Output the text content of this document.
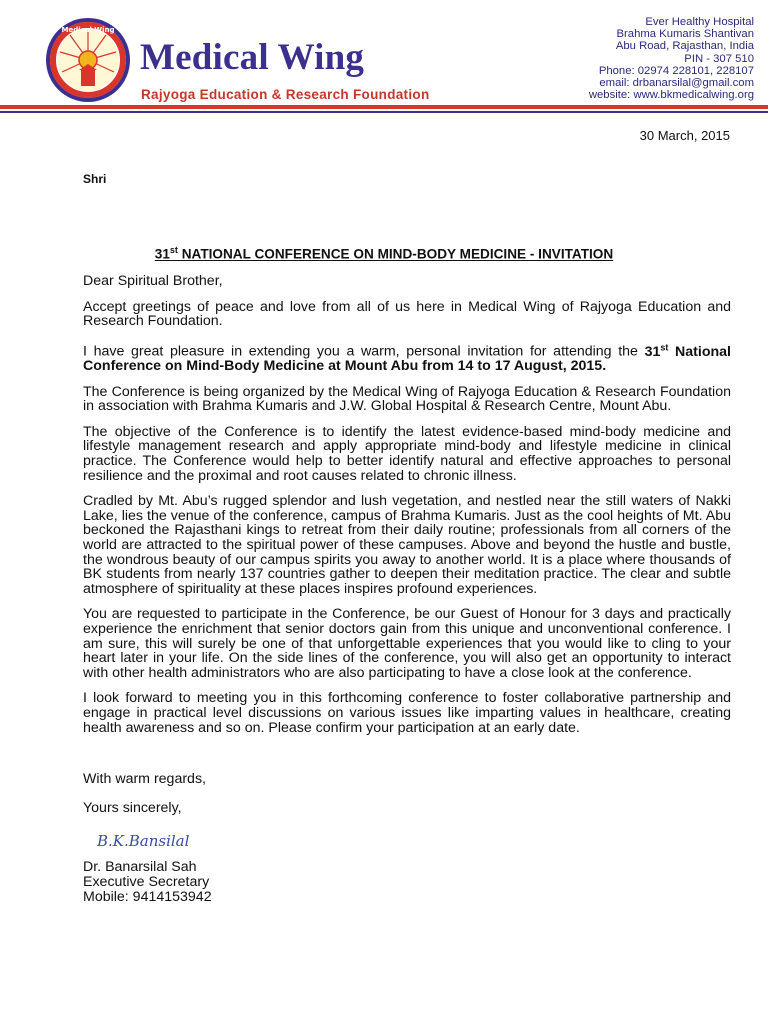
Medical Wing
Medical Wing
Rajyoga Education & Research Foundation
Ever Healthy Hospital
Brahma Kumaris Shantivan
Abu Road, Rajasthan, India
PIN - 307 510
Phone: 02974 228101, 228107
email: drbanarsilal@gmail.com
website: www.bkmedicalwing.org
30 March, 2015
Shri
31st NATIONAL CONFERENCE ON MIND-BODY MEDICINE - INVITATION

Dear Spiritual Brother,

Accept greetings of peace and love from all of us here in Medical Wing of Rajyoga Education and Research Foundation.

I have great pleasure in extending you a warm, personal invitation for attending the 31st National Conference on Mind-Body Medicine at Mount Abu from 14 to 17 August, 2015.

The Conference is being organized by the Medical Wing of Rajyoga Education & Research Foundation in association with Brahma Kumaris and J.W. Global Hospital & Research Centre, Mount Abu.

The objective of the Conference is to identify the latest evidence-based mind-body medicine and lifestyle management research and apply appropriate mind-body and lifestyle medicine in clinical practice. The Conference would help to better identify natural and effective approaches to personal resilience and the proximal and root causes related to chronic illness.

Cradled by Mt. Abu’s rugged splendor and lush vegetation, and nestled near the still waters of Nakki Lake, lies the venue of the conference, campus of Brahma Kumaris. Just as the cool heights of Mt. Abu beckoned the Rajasthani kings to retreat from their daily routine; professionals from all corners of the world are attracted to the spiritual power of these campuses. Above and beyond the hustle and bustle, the wondrous beauty of our campus spirits you away to another world. It is a place where thousands of BK students from nearly 137 countries gather to deepen their meditation practice. The clear and subtle atmosphere of spirituality at these places inspires profound experiences.

You are requested to participate in the Conference, be our Guest of Honour for 3 days and practically experience the enrichment that senior doctors gain from this unique and unconventional conference. I am sure, this will surely be one of that unforgettable experiences that you would like to cling to your heart later in your life. On the side lines of the conference, you will also get an opportunity to interact with other health administrators who are also participating to have a close look at the conference.

I look forward to meeting you in this forthcoming conference to foster collaborative partnership and engage in practical level discussions on various issues like imparting values in healthcare, creating health awareness and so on. Please confirm your participation at an early date.

With warm regards,
Yours sincerely,
B.K.Bansilal
Dr. Banarsilal Sah
Executive Secretary
Mobile: 9414153942
